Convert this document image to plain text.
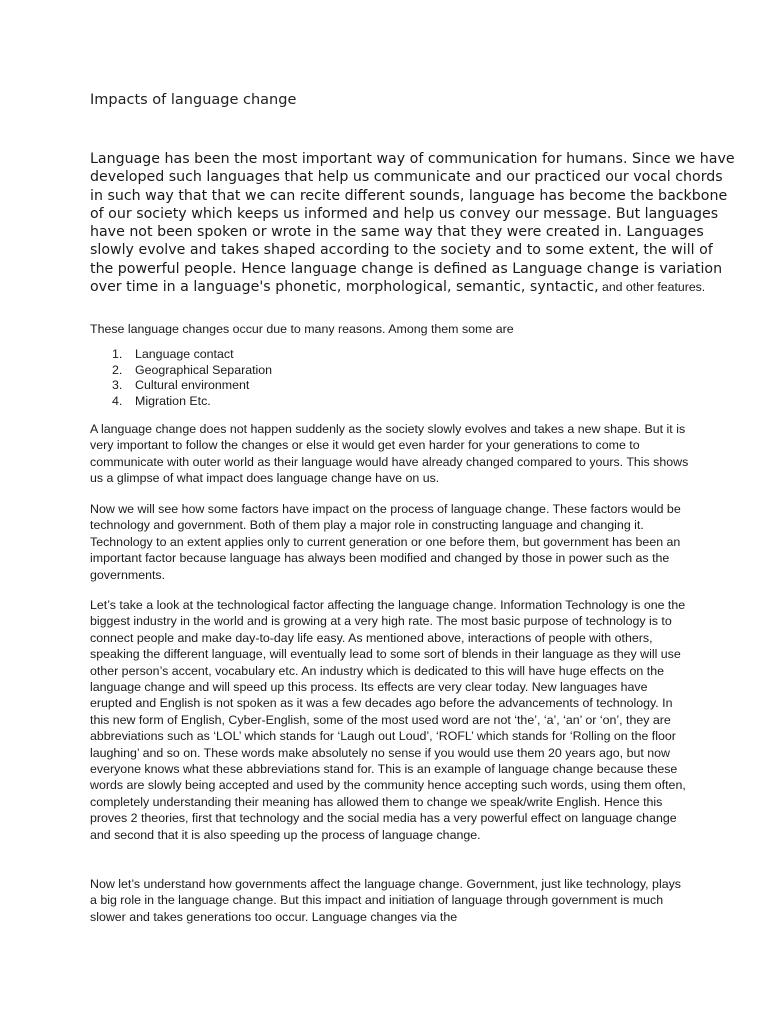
Impacts of language change

Language has been the most important way of communication for humans. Since we have developed such languages that help us communicate and our practiced our vocal chords in such way that that we can recite different sounds, language has become the backbone of our society which keeps us informed and help us convey our message. But languages have not been spoken or wrote in the same way that they were created in. Languages slowly evolve and takes shaped according to the society and to some extent, the will of the powerful people. Hence language change is defined as Language change is variation over time in a language's phonetic, morphological, semantic, syntactic, and other features.

These language changes occur due to many reasons. Among them some are

1. Language contact
2. Geographical Separation
3. Cultural environment
4. Migration Etc.

A language change does not happen suddenly as the society slowly evolves and takes a new shape. But it is very important to follow the changes or else it would get even harder for your generations to come to communicate with outer world as their language would have already changed compared to yours. This shows us a glimpse of what impact does language change have on us.

Now we will see how some factors have impact on the process of language change. These factors would be technology and government. Both of them play a major role in constructing language and changing it. Technology to an extent applies only to current generation or one before them, but government has been an important factor because language has always been modified and changed by those in power such as the governments.

Let’s take a look at the technological factor affecting the language change. Information Technology is one the biggest industry in the world and is growing at a very high rate. The most basic purpose of technology is to connect people and make day-to-day life easy. As mentioned above, interactions of people with others, speaking the different language, will eventually lead to some sort of blends in their language as they will use other person’s accent, vocabulary etc. An industry which is dedicated to this will have huge effects on the language change and will speed up this process. Its effects are very clear today. New languages have erupted and English is not spoken as it was a few decades ago before the advancements of technology. In this new form of English, Cyber-English, some of the most used word are not ‘the’, ‘a’, ‘an’ or ‘on’, they are abbreviations such as ‘LOL’ which stands for ‘Laugh out Loud’, ‘ROFL’ which stands for ‘Rolling on the floor laughing’ and so on. These words make absolutely no sense if you would use them 20 years ago, but now everyone knows what these abbreviations stand for. This is an example of language change because these words are slowly being accepted and used by the community hence accepting such words, using them often, completely understanding their meaning has allowed them to change we speak/write English. Hence this proves 2 theories, first that technology and the social media has a very powerful effect on language change and second that it is also speeding up the process of language change.

Now let’s understand how governments affect the language change. Government, just like technology, plays a big role in the language change. But this impact and initiation of language through government is much slower and takes generations too occur. Language changes via the
